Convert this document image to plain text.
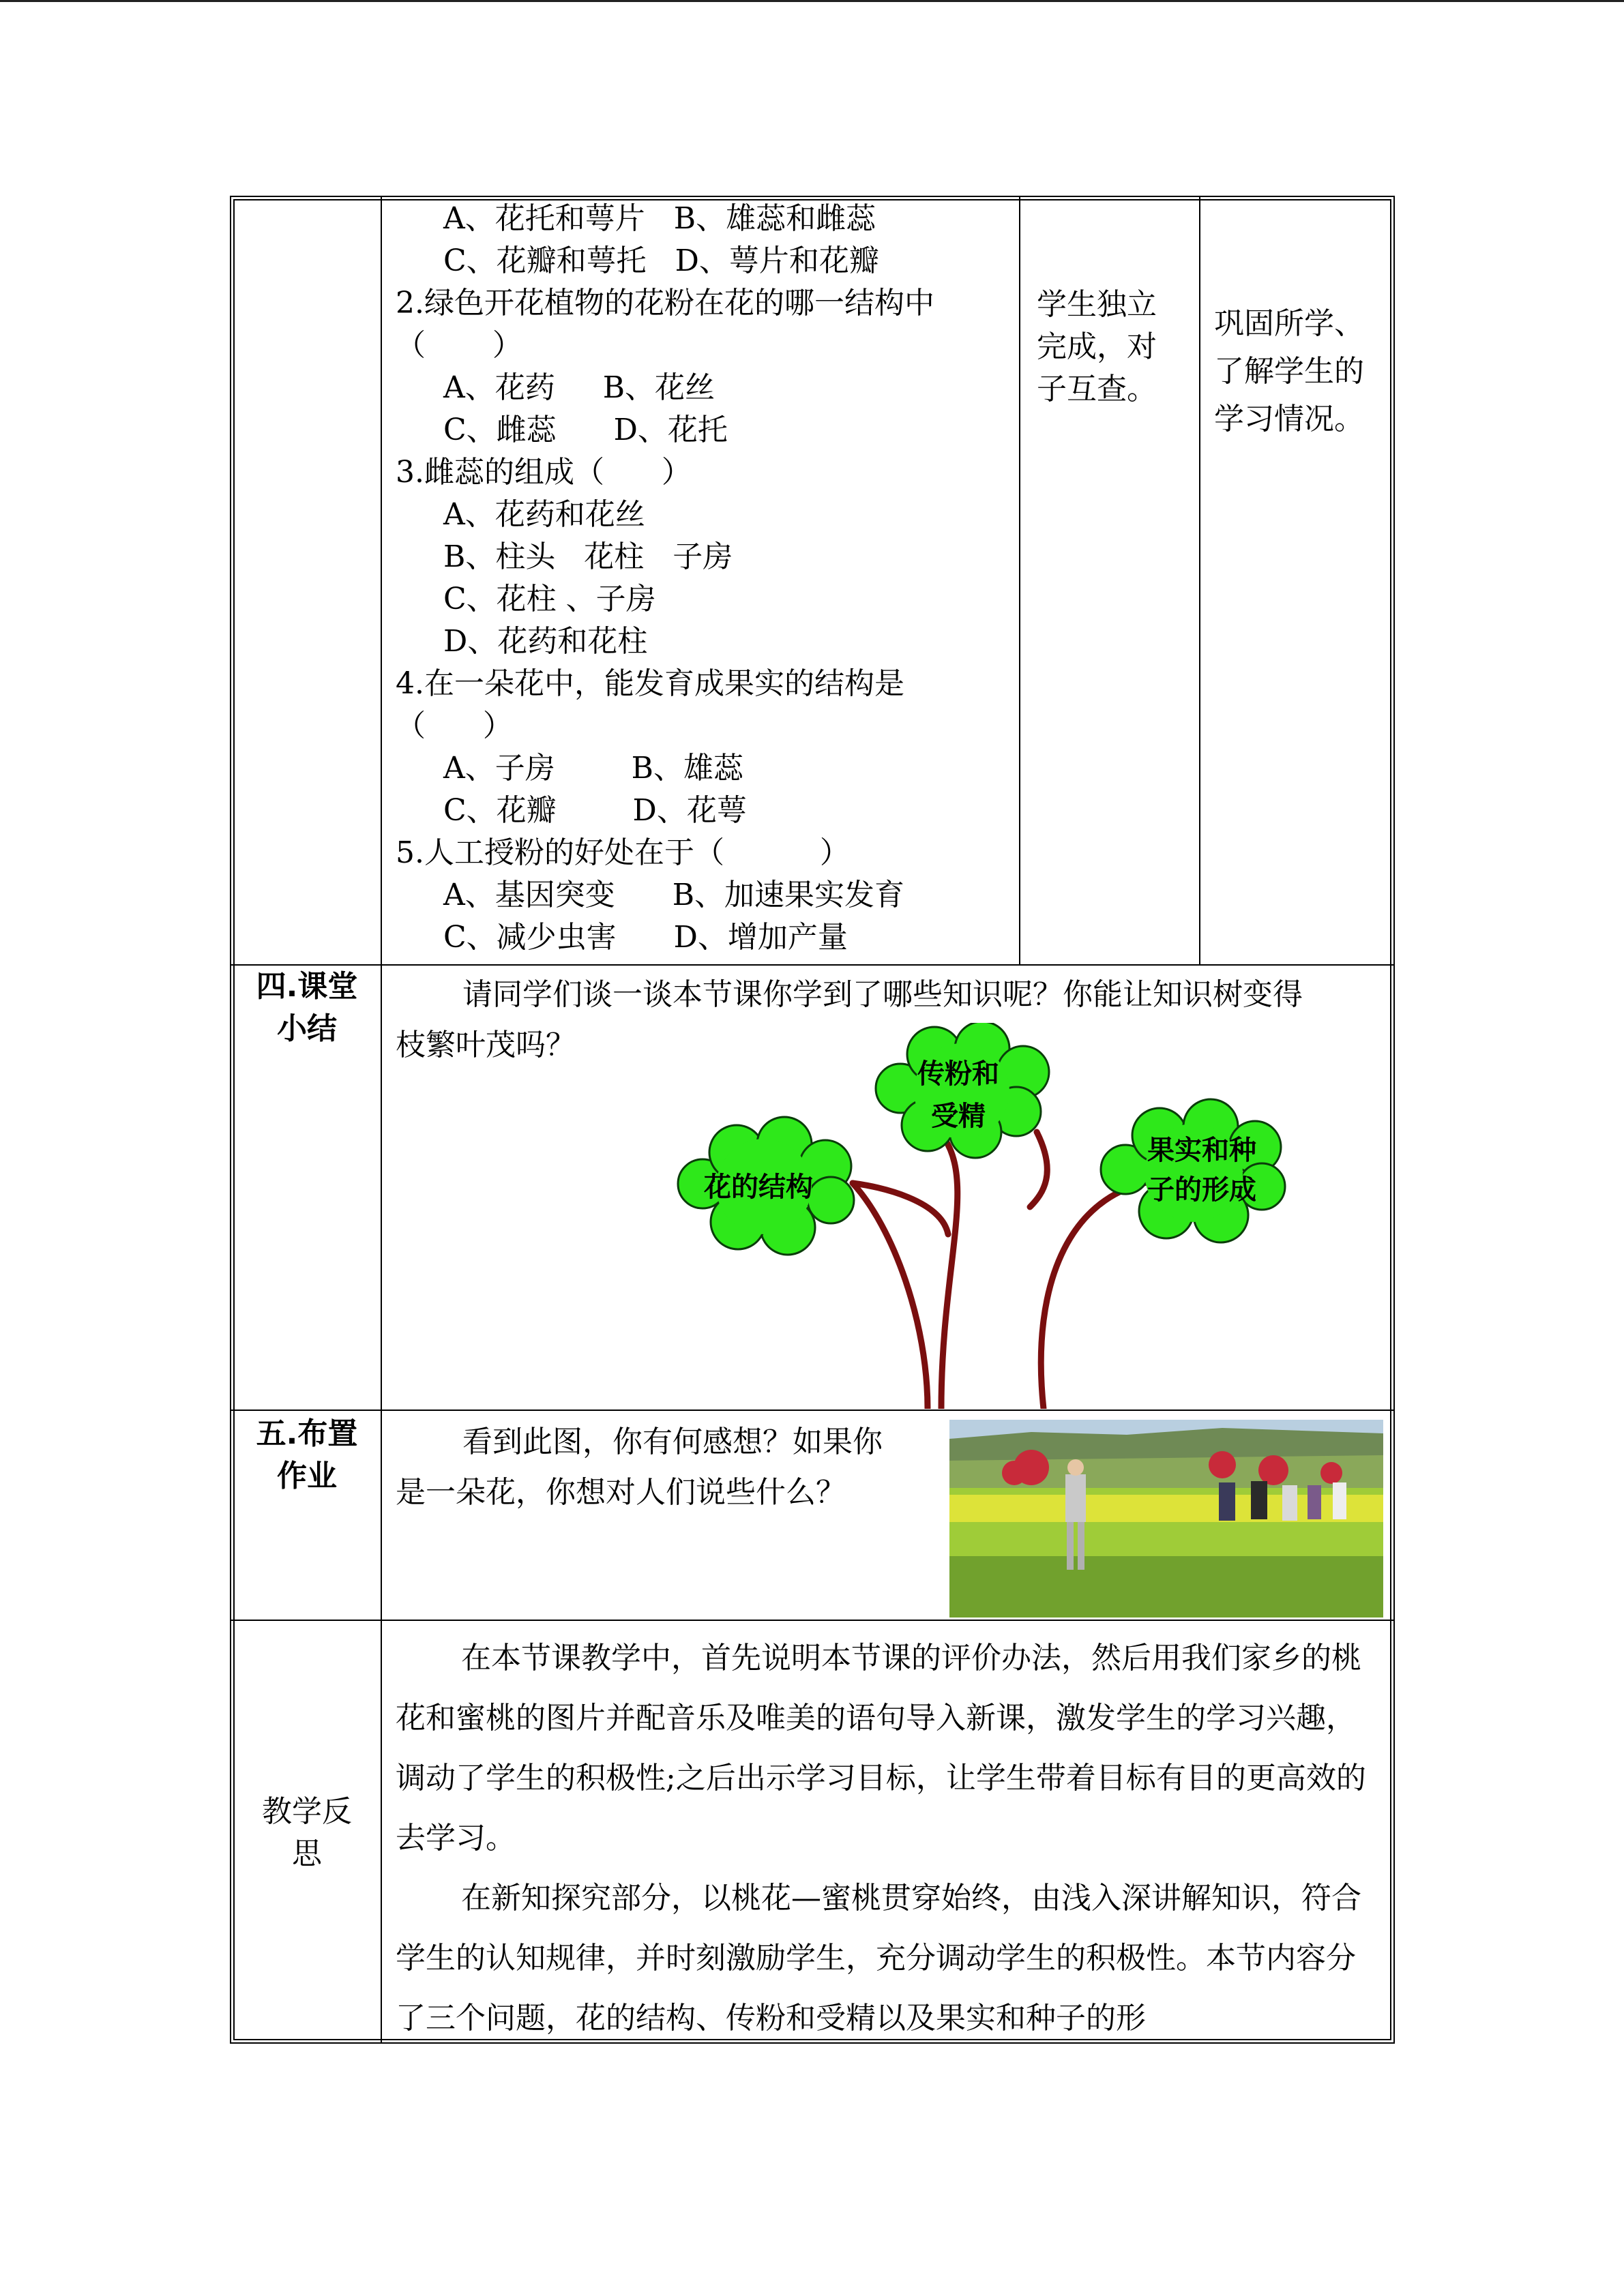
A、花托和萼片   B、雄蕊和雌蕊
C、花瓣和萼托   D、萼片和花瓣
2.绿色开花植物的花粉在花的哪一结构中
（       ）
A、花药     B、花丝
C、雌蕊      D、花托
3.雌蕊的组成（      ）
A、花药和花丝
B、柱头   花柱   子房
C、花柱 、子房
D、花药和花柱
4.在一朵花中，能发育成果实的结构是
（      ）
A、子房        B、雄蕊
C、花瓣        D、花萼
5.人工授粉的好处在于（          ）
A、基因突变      B、加速果实发育
C、减少虫害      D、增加产量
学生独立
完成，对
子互查。
巩固所学、
了解学生的
学习情况。
四.课堂
小结
请同学们谈一谈本节课你学到了哪些知识呢？你能让知识树变得
枝繁叶茂吗？
花的结构
传粉和
受精
果实和种
子的形成
五.布置
作业
看到此图，你有何感想？如果你
是一朵花，你想对人们说些什么？
教学反
思
在本节课教学中，首先说明本节课的评价办法，然后用我们家乡的桃花和蜜桃的图片并配音乐及唯美的语句导入新课，激发学生的学习兴趣，调动了学生的积极性;之后出示学习目标，让学生带着目标有目的更高效的去学习。
在新知探究部分，以桃花—蜜桃贯穿始终，由浅入深讲解知识，符合学生的认知规律，并时刻激励学生，充分调动学生的积极性。本节内容分了三个问题，花的结构、传粉和受精以及果实和种子的形
